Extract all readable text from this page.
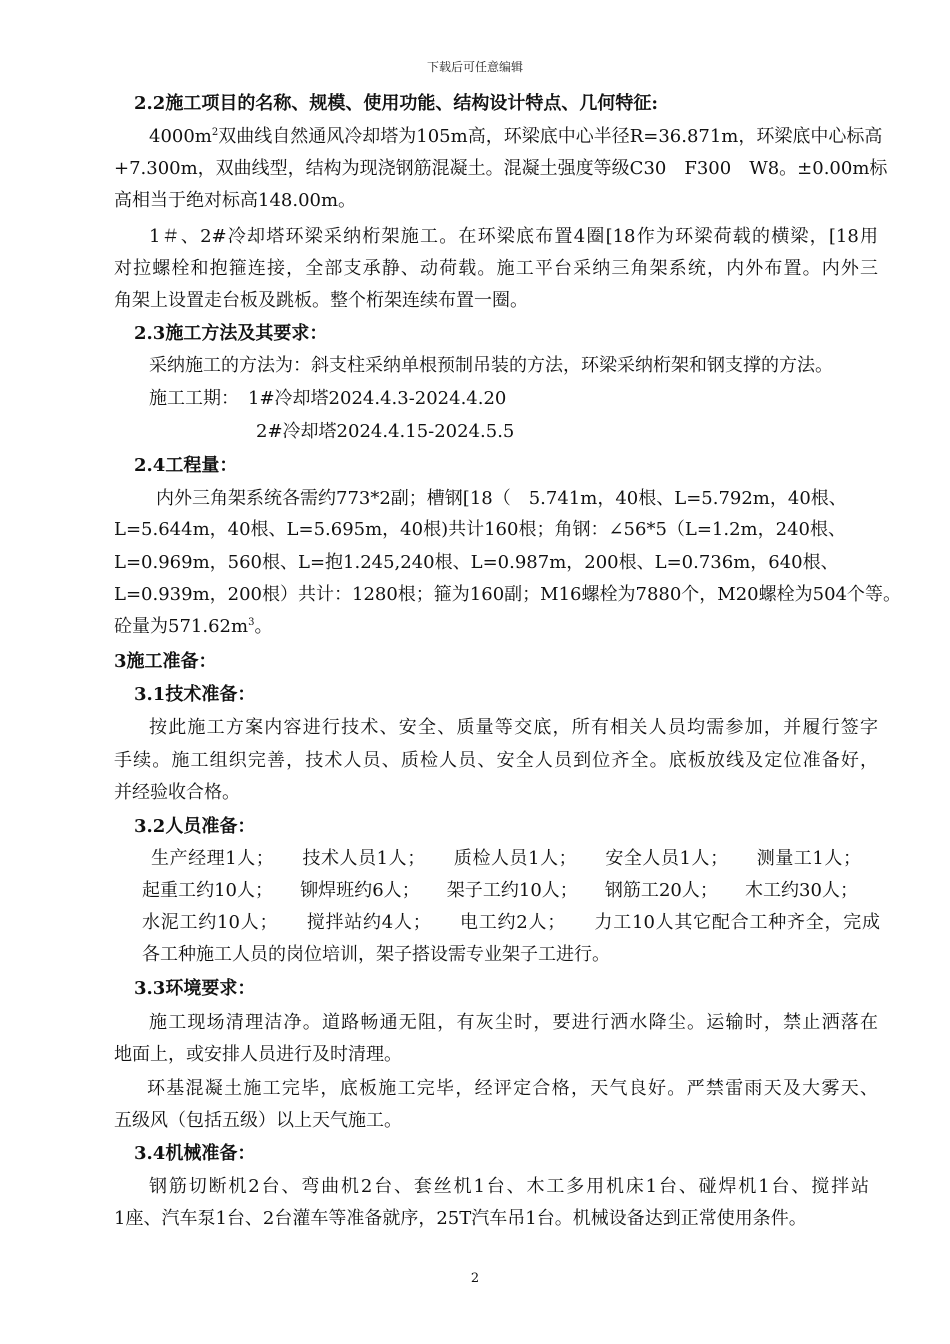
下载后可任意编辑
2.2施工项目的名称、规模、使用功能、结构设计特点、几何特征:
$4000m^2$双曲线自然通风冷却塔为105m高，环梁底中心半径R=36.871m，环梁底中心标高
+7.300m，双曲线型，结构为现浇钢筋混凝土。混凝土强度等级C30　F300　W8。±0.00m标
高相当于绝对标高148.00m。
1＃、2#冷却塔环梁采纳桁架施工。在环梁底布置4圈[18作为环梁荷载的横梁，[18用
对拉螺栓和抱箍连接，全部支承静、动荷载。施工平台采纳三角架系统，内外布置。内外三
角架上设置走台板及跳板。整个桁架连续布置一圈。
2.3施工方法及其要求：
采纳施工的方法为：斜支柱采纳单根预制吊装的方法，环梁采纳桁架和钢支撑的方法。
施工工期：　1#冷却塔2024.4.3-2024.4.20
2#冷却塔2024.4.15-2024.5.5
2.4工程量：
内外三角架系统各需约773*2副；槽钢[18（　5.741m，40根、L=5.792m，40根、
L=5.644m，40根、L=5.695m，40根)共计160根；角钢：∠56*5（L=1.2m，240根、
L=0.969m，560根、L=抱1.245,240根、L=0.987m，200根、L=0.736m，640根、
L=0.939m，200根）共计：1280根；箍为160副；M16螺栓为7880个，M20螺栓为504个等。
砼量为$571.62m^3$。
3施工准备：
3.1技术准备：
按此施工方案内容进行技术、安全、质量等交底，所有相关人员均需参加，并履行签字
手续。施工组织完善，技术人员、质检人员、安全人员到位齐全。底板放线及定位准备好，
并经验收合格。
3.2人员准备：
生产经理1人；　　技术人员1人；　　质检人员1人；　　安全人员1人；　　测量工1人；
起重工约10人；　　铆焊班约6人；　　架子工约10人；　　钢筋工20人；　　木工约30人；
水泥工约10人；　　搅拌站约4人；　　电工约2人；　　力工10人其它配合工种齐全，完成
各工种施工人员的岗位培训，架子搭设需专业架子工进行。
3.3环境要求：
施工现场清理洁净。道路畅通无阻，有灰尘时，要进行洒水降尘。运输时，禁止洒落在
地面上，或安排人员进行及时清理。
环基混凝土施工完毕，底板施工完毕，经评定合格，天气良好。严禁雷雨天及大雾天、
五级风（包括五级）以上天气施工。
3.4机械准备：
钢筋切断机2台、弯曲机2台、套丝机1台、木工多用机床1台、碰焊机1台、搅拌站
1座、汽车泵1台、2台灌车等准备就序，25T汽车吊1台。机械设备达到正常使用条件。
2
